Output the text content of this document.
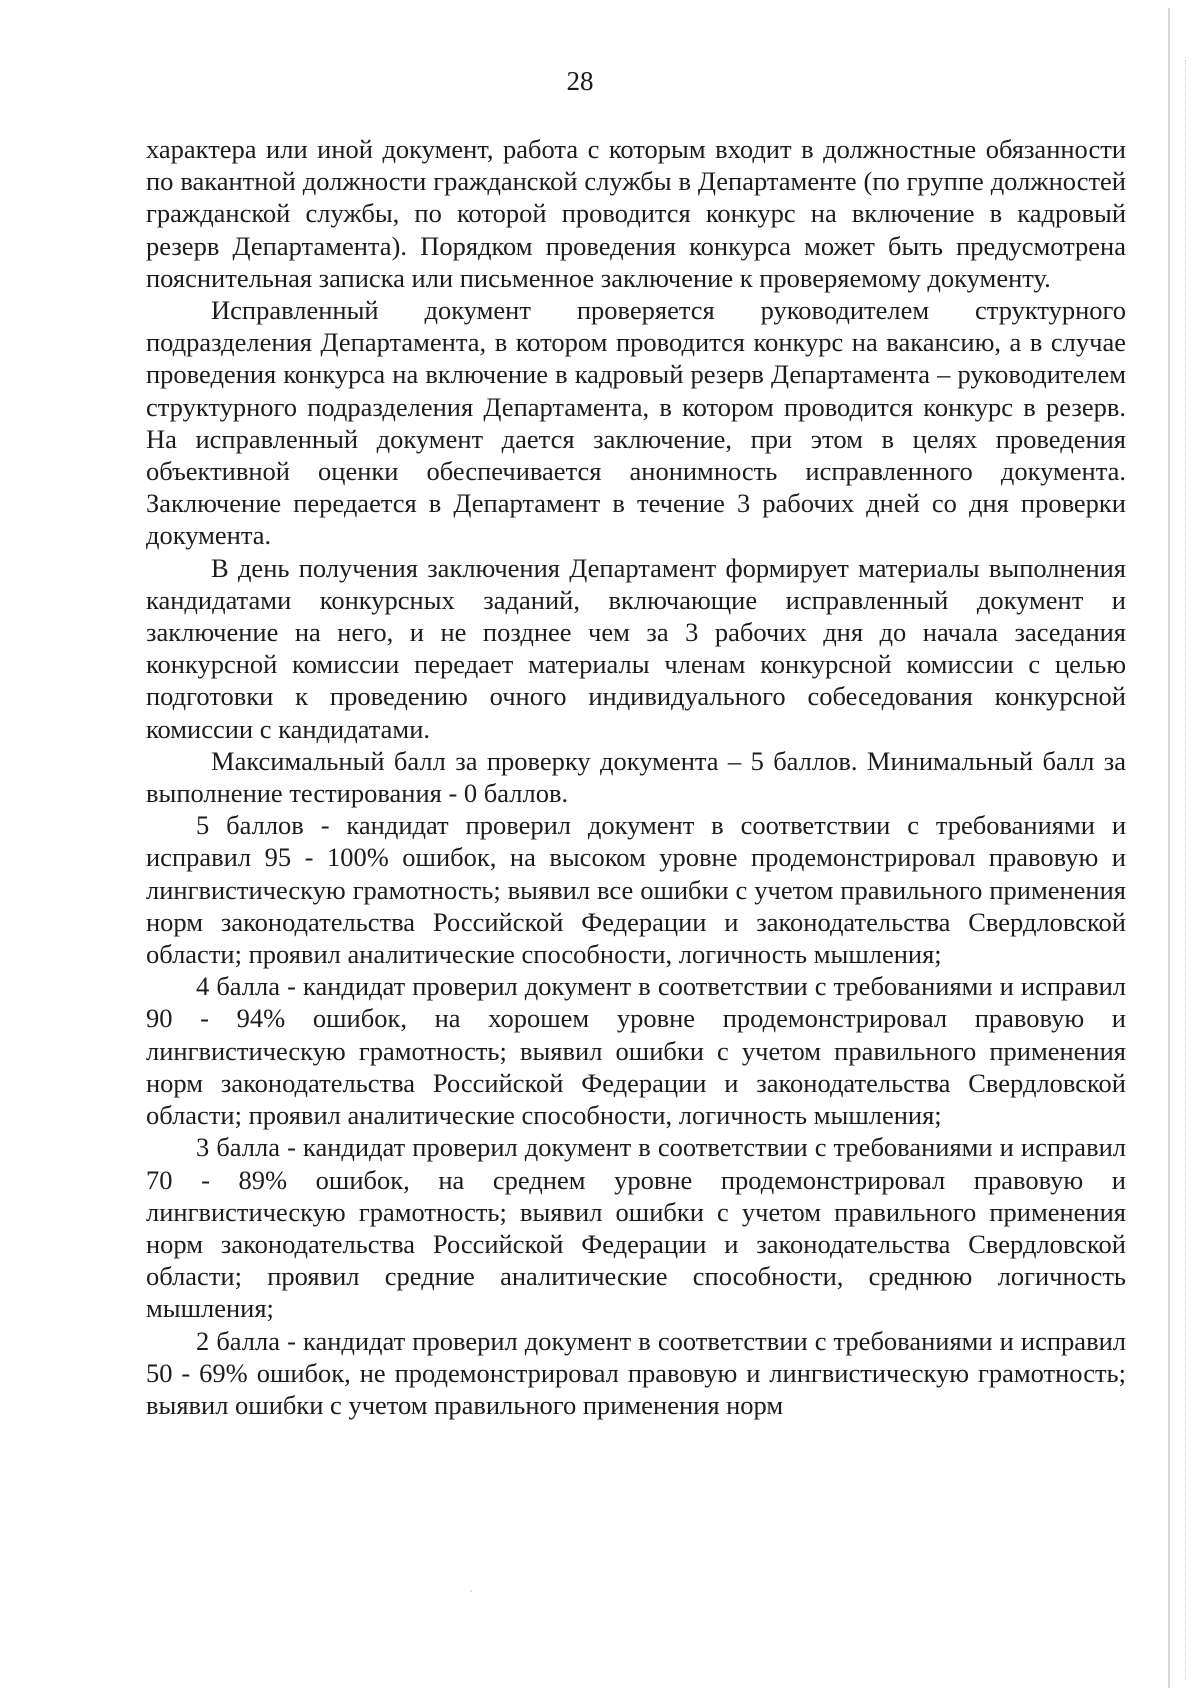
28

характера или иной документ, работа с которым входит в должностные обязанности по вакантной должности гражданской службы в Департаменте (по группе должностей гражданской службы, по которой проводится конкурс на включение в кадровый резерв Департамента). Порядком проведения конкурса может быть предусмотрена пояснительная записка или письменное заключение к проверяемому документу.

Исправленный документ проверяется руководителем структурного подразделения Департамента, в котором проводится конкурс на вакансию, а в случае проведения конкурса на включение в кадровый резерв Департамента – руководителем структурного подразделения Департамента, в котором проводится конкурс в резерв. На исправленный документ дается заключение, при этом в целях проведения объективной оценки обеспечивается анонимность исправленного документа. Заключение передается в Департамент в течение 3 рабочих дней со дня проверки документа.

В день получения заключения Департамент формирует материалы выполнения кандидатами конкурсных заданий, включающие исправленный документ и заключение на него, и не позднее чем за 3 рабочих дня до начала заседания конкурсной комиссии передает материалы членам конкурсной комиссии с целью подготовки к проведению очного индивидуального собеседования конкурсной комиссии с кандидатами.

Максимальный балл за проверку документа – 5 баллов. Минимальный балл за выполнение тестирования - 0 баллов.

5 баллов - кандидат проверил документ в соответствии с требованиями и исправил 95 - 100% ошибок, на высоком уровне продемонстрировал правовую и лингвистическую грамотность; выявил все ошибки с учетом правильного применения норм законодательства Российской Федерации и законодательства Свердловской области; проявил аналитические способности, логичность мышления;

4 балла - кандидат проверил документ в соответствии с требованиями и исправил 90 - 94% ошибок, на хорошем уровне продемонстрировал правовую и лингвистическую грамотность; выявил ошибки с учетом правильного применения норм законодательства Российской Федерации и законодательства Свердловской области; проявил аналитические способности, логичность мышления;

3 балла - кандидат проверил документ в соответствии с требованиями и исправил 70 - 89% ошибок, на среднем уровне продемонстрировал правовую и лингвистическую грамотность; выявил ошибки с учетом правильного применения норм законодательства Российской Федерации и законодательства Свердловской области; проявил средние аналитические способности, среднюю логичность мышления;

2 балла - кандидат проверил документ в соответствии с требованиями и исправил 50 - 69% ошибок, не продемонстрировал правовую и лингвистическую грамотность; выявил ошибки с учетом правильного применения норм
